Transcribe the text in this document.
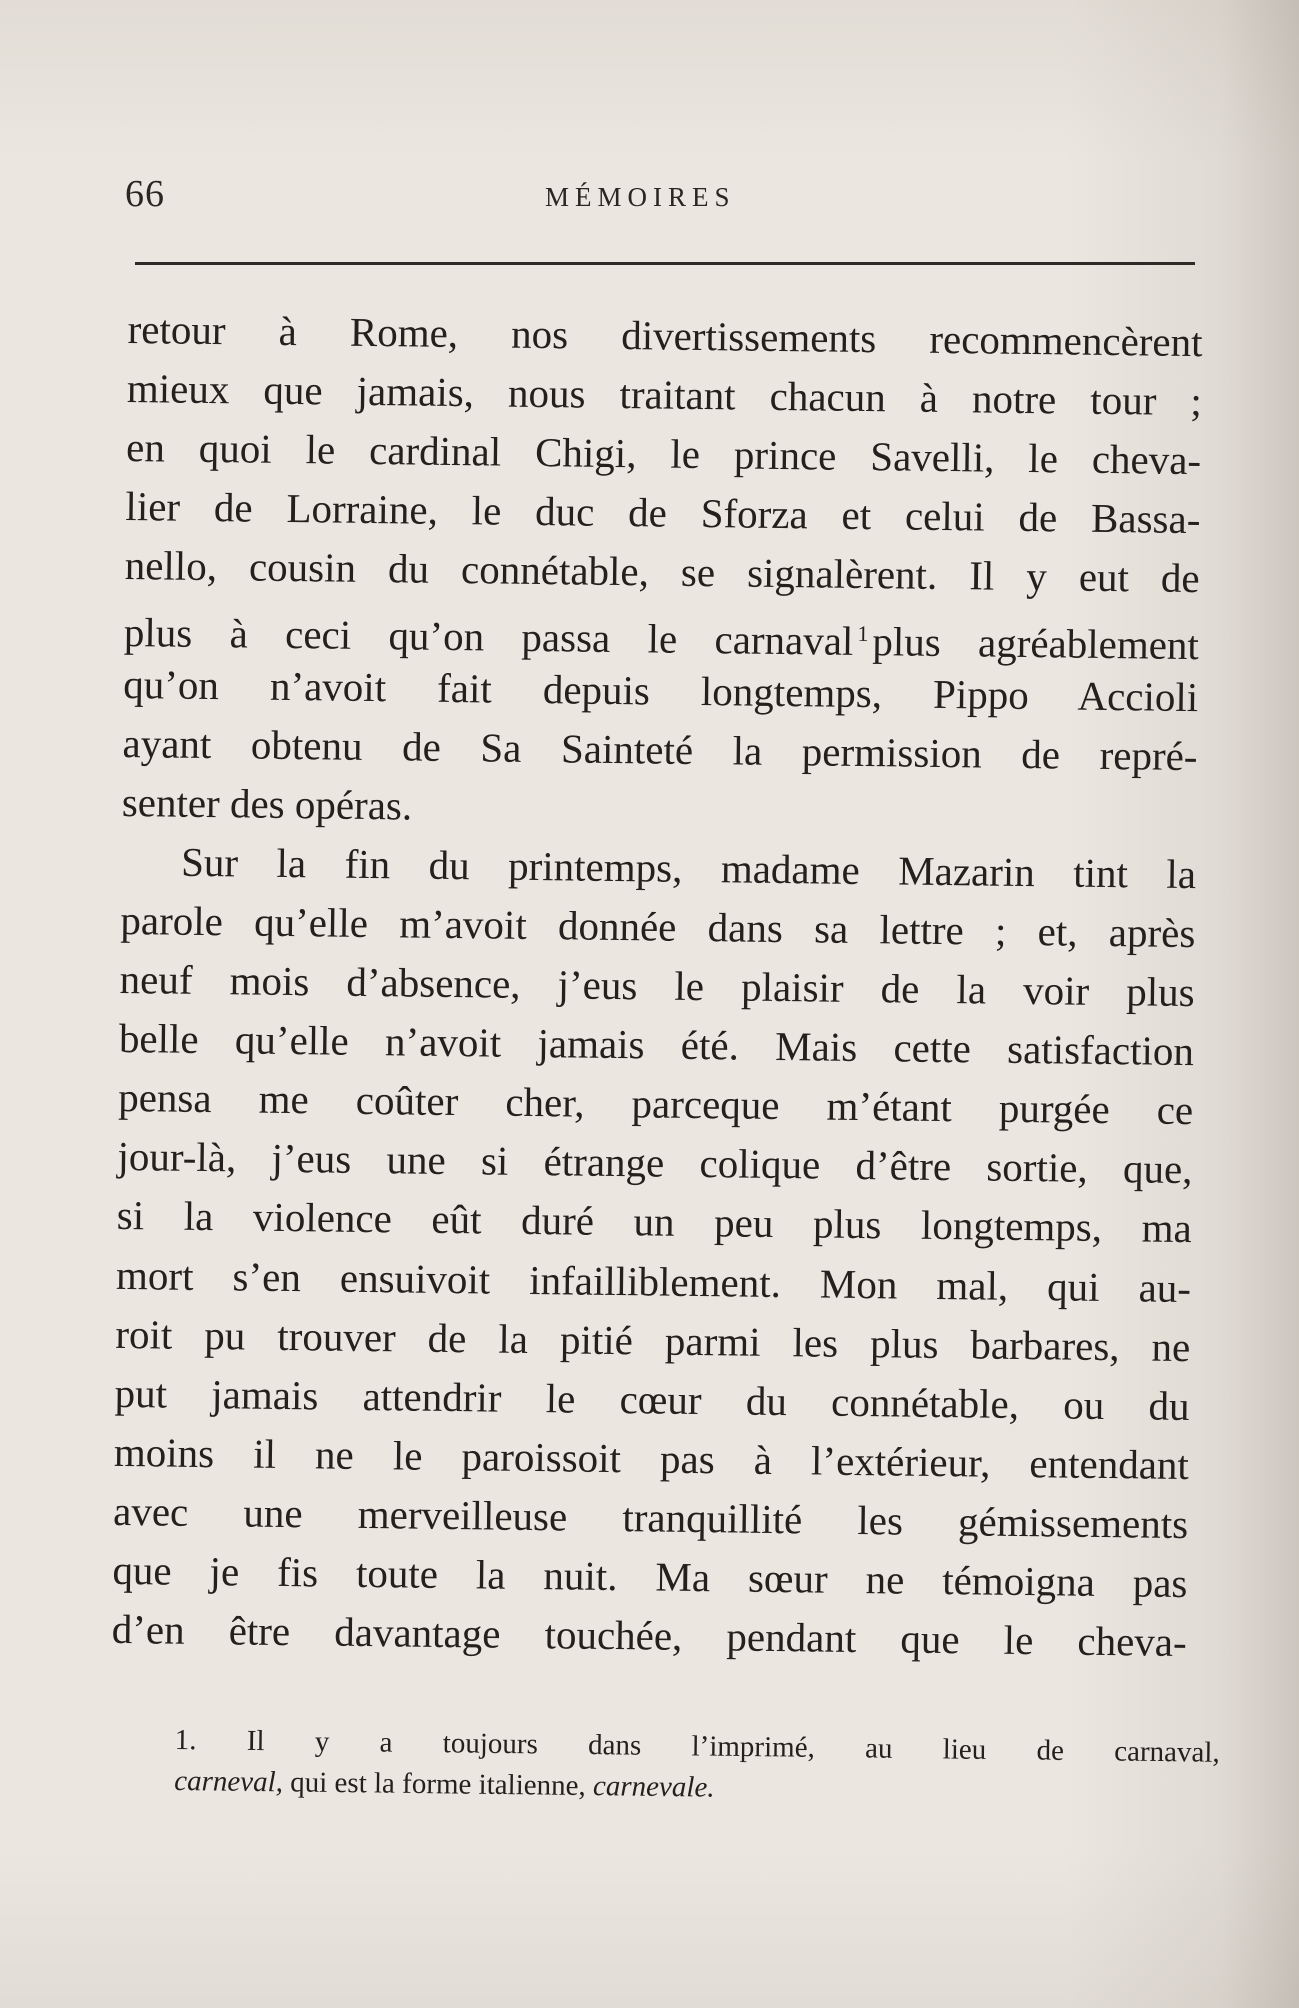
66	MÉMOIRES
retour à Rome, nos divertissements recommencèrent
mieux que jamais, nous traitant chacun à notre tour ;
en quoi le cardinal Chigi, le prince Savelli, le cheva-
lier de Lorraine, le duc de Sforza et celui de Bassa-
nello, cousin du connétable, se signalèrent. Il y eut de
plus à ceci qu’on passa le carnaval $^1$plus agréablement
qu’on n’avoit fait depuis longtemps, Pippo Accioli
ayant obtenu de Sa Sainteté la permission de repré-
senter des opéras.
Sur la fin du printemps, madame Mazarin tint la
parole qu’elle m’avoit donnée dans sa lettre ; et, après
neuf mois d’absence, j’eus le plaisir de la voir plus
belle qu’elle n’avoit jamais été. Mais cette satisfaction
pensa me coûter cher, parceque m’étant purgée ce
jour-là, j’eus une si étrange colique d’être sortie, que,
si la violence eût duré un peu plus longtemps, ma
mort s’en ensuivoit infailliblement. Mon mal, qui au-
roit pu trouver de la pitié parmi les plus barbares, ne
put jamais attendrir le cœur du connétable, ou du
moins il ne le paroissoit pas à l’extérieur, entendant
avec une merveilleuse tranquillité les gémissements
que je fis toute la nuit. Ma sœur ne témoigna pas
d’en être davantage touchée, pendant que le cheva-
1. Il y a toujours dans l’imprimé, au lieu de carnaval,
carneval, qui est la forme italienne, carnevale.
